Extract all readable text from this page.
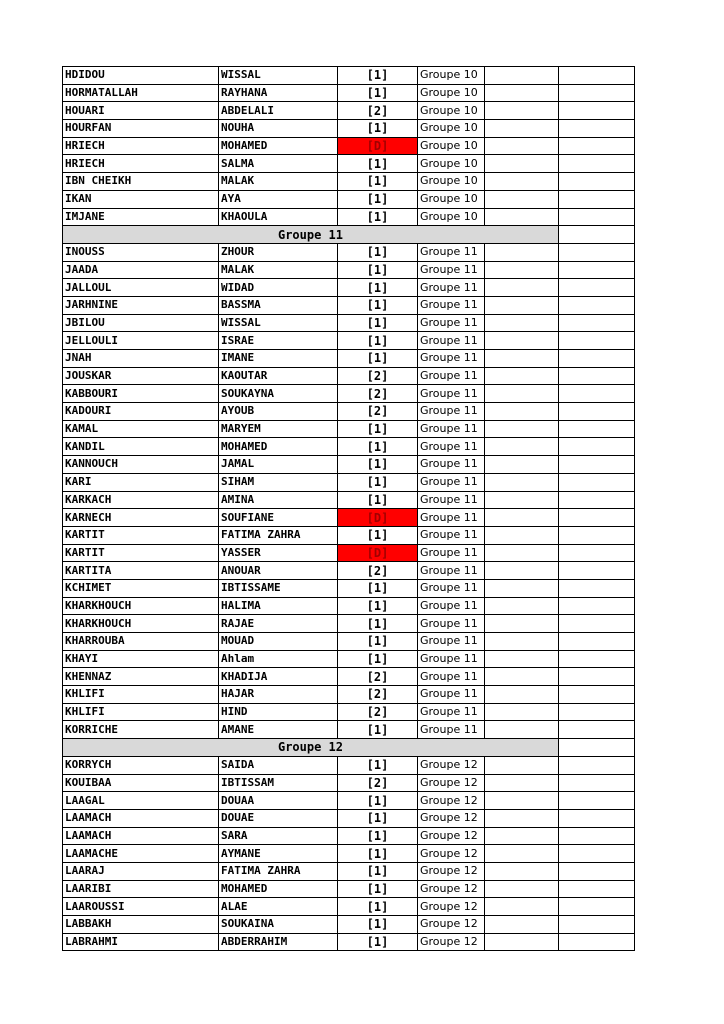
HDIDOU	WISSAL	[1]	Groupe 10		
HORMATALLAH	RAYHANA	[1]	Groupe 10		
HOUARI	ABDELALI	[2]	Groupe 10		
HOURFAN	NOUHA	[1]	Groupe 10		
HRIECH	MOHAMED	[D]	Groupe 10		
HRIECH	SALMA	[1]	Groupe 10		
IBN CHEIKH	MALAK	[1]	Groupe 10		
IKAN	AYA	[1]	Groupe 10		
IMJANE	KHAOULA	[1]	Groupe 10		
Groupe 11					
INOUSS	ZHOUR	[1]	Groupe 11		
JAADA	MALAK	[1]	Groupe 11		
JALLOUL	WIDAD	[1]	Groupe 11		
JARHNINE	BASSMA	[1]	Groupe 11		
JBILOU	WISSAL	[1]	Groupe 11		
JELLOULI	ISRAE	[1]	Groupe 11		
JNAH	IMANE	[1]	Groupe 11		
JOUSKAR	KAOUTAR	[2]	Groupe 11		
KABBOURI	SOUKAYNA	[2]	Groupe 11		
KADOURI	AYOUB	[2]	Groupe 11		
KAMAL	MARYEM	[1]	Groupe 11		
KANDIL	MOHAMED	[1]	Groupe 11		
KANNOUCH	JAMAL	[1]	Groupe 11		
KARI	SIHAM	[1]	Groupe 11		
KARKACH	AMINA	[1]	Groupe 11		
KARNECH	SOUFIANE	[D]	Groupe 11		
KARTIT	FATIMA ZAHRA	[1]	Groupe 11		
KARTIT	YASSER	[D]	Groupe 11		
KARTITA	ANOUAR	[2]	Groupe 11		
KCHIMET	IBTISSAME	[1]	Groupe 11		
KHARKHOUCH	HALIMA	[1]	Groupe 11		
KHARKHOUCH	RAJAE	[1]	Groupe 11		
KHARROUBA	MOUAD	[1]	Groupe 11		
KHAYI	Ahlam	[1]	Groupe 11		
KHENNAZ	KHADIJA	[2]	Groupe 11		
KHLIFI	HAJAR	[2]	Groupe 11		
KHLIFI	HIND	[2]	Groupe 11		
KORRICHE	AMANE	[1]	Groupe 11		
Groupe 12					
KORRYCH	SAIDA	[1]	Groupe 12		
KOUIBAA	IBTISSAM	[2]	Groupe 12		
LAAGAL	DOUAA	[1]	Groupe 12		
LAAMACH	DOUAE	[1]	Groupe 12		
LAAMACH	SARA	[1]	Groupe 12		
LAAMACHE	AYMANE	[1]	Groupe 12		
LAARAJ	FATIMA ZAHRA	[1]	Groupe 12		
LAARIBI	MOHAMED	[1]	Groupe 12		
LAAROUSSI	ALAE	[1]	Groupe 12		
LABBAKH	SOUKAINA	[1]	Groupe 12		
LABRAHMI	ABDERRAHIM	[1]	Groupe 12		
